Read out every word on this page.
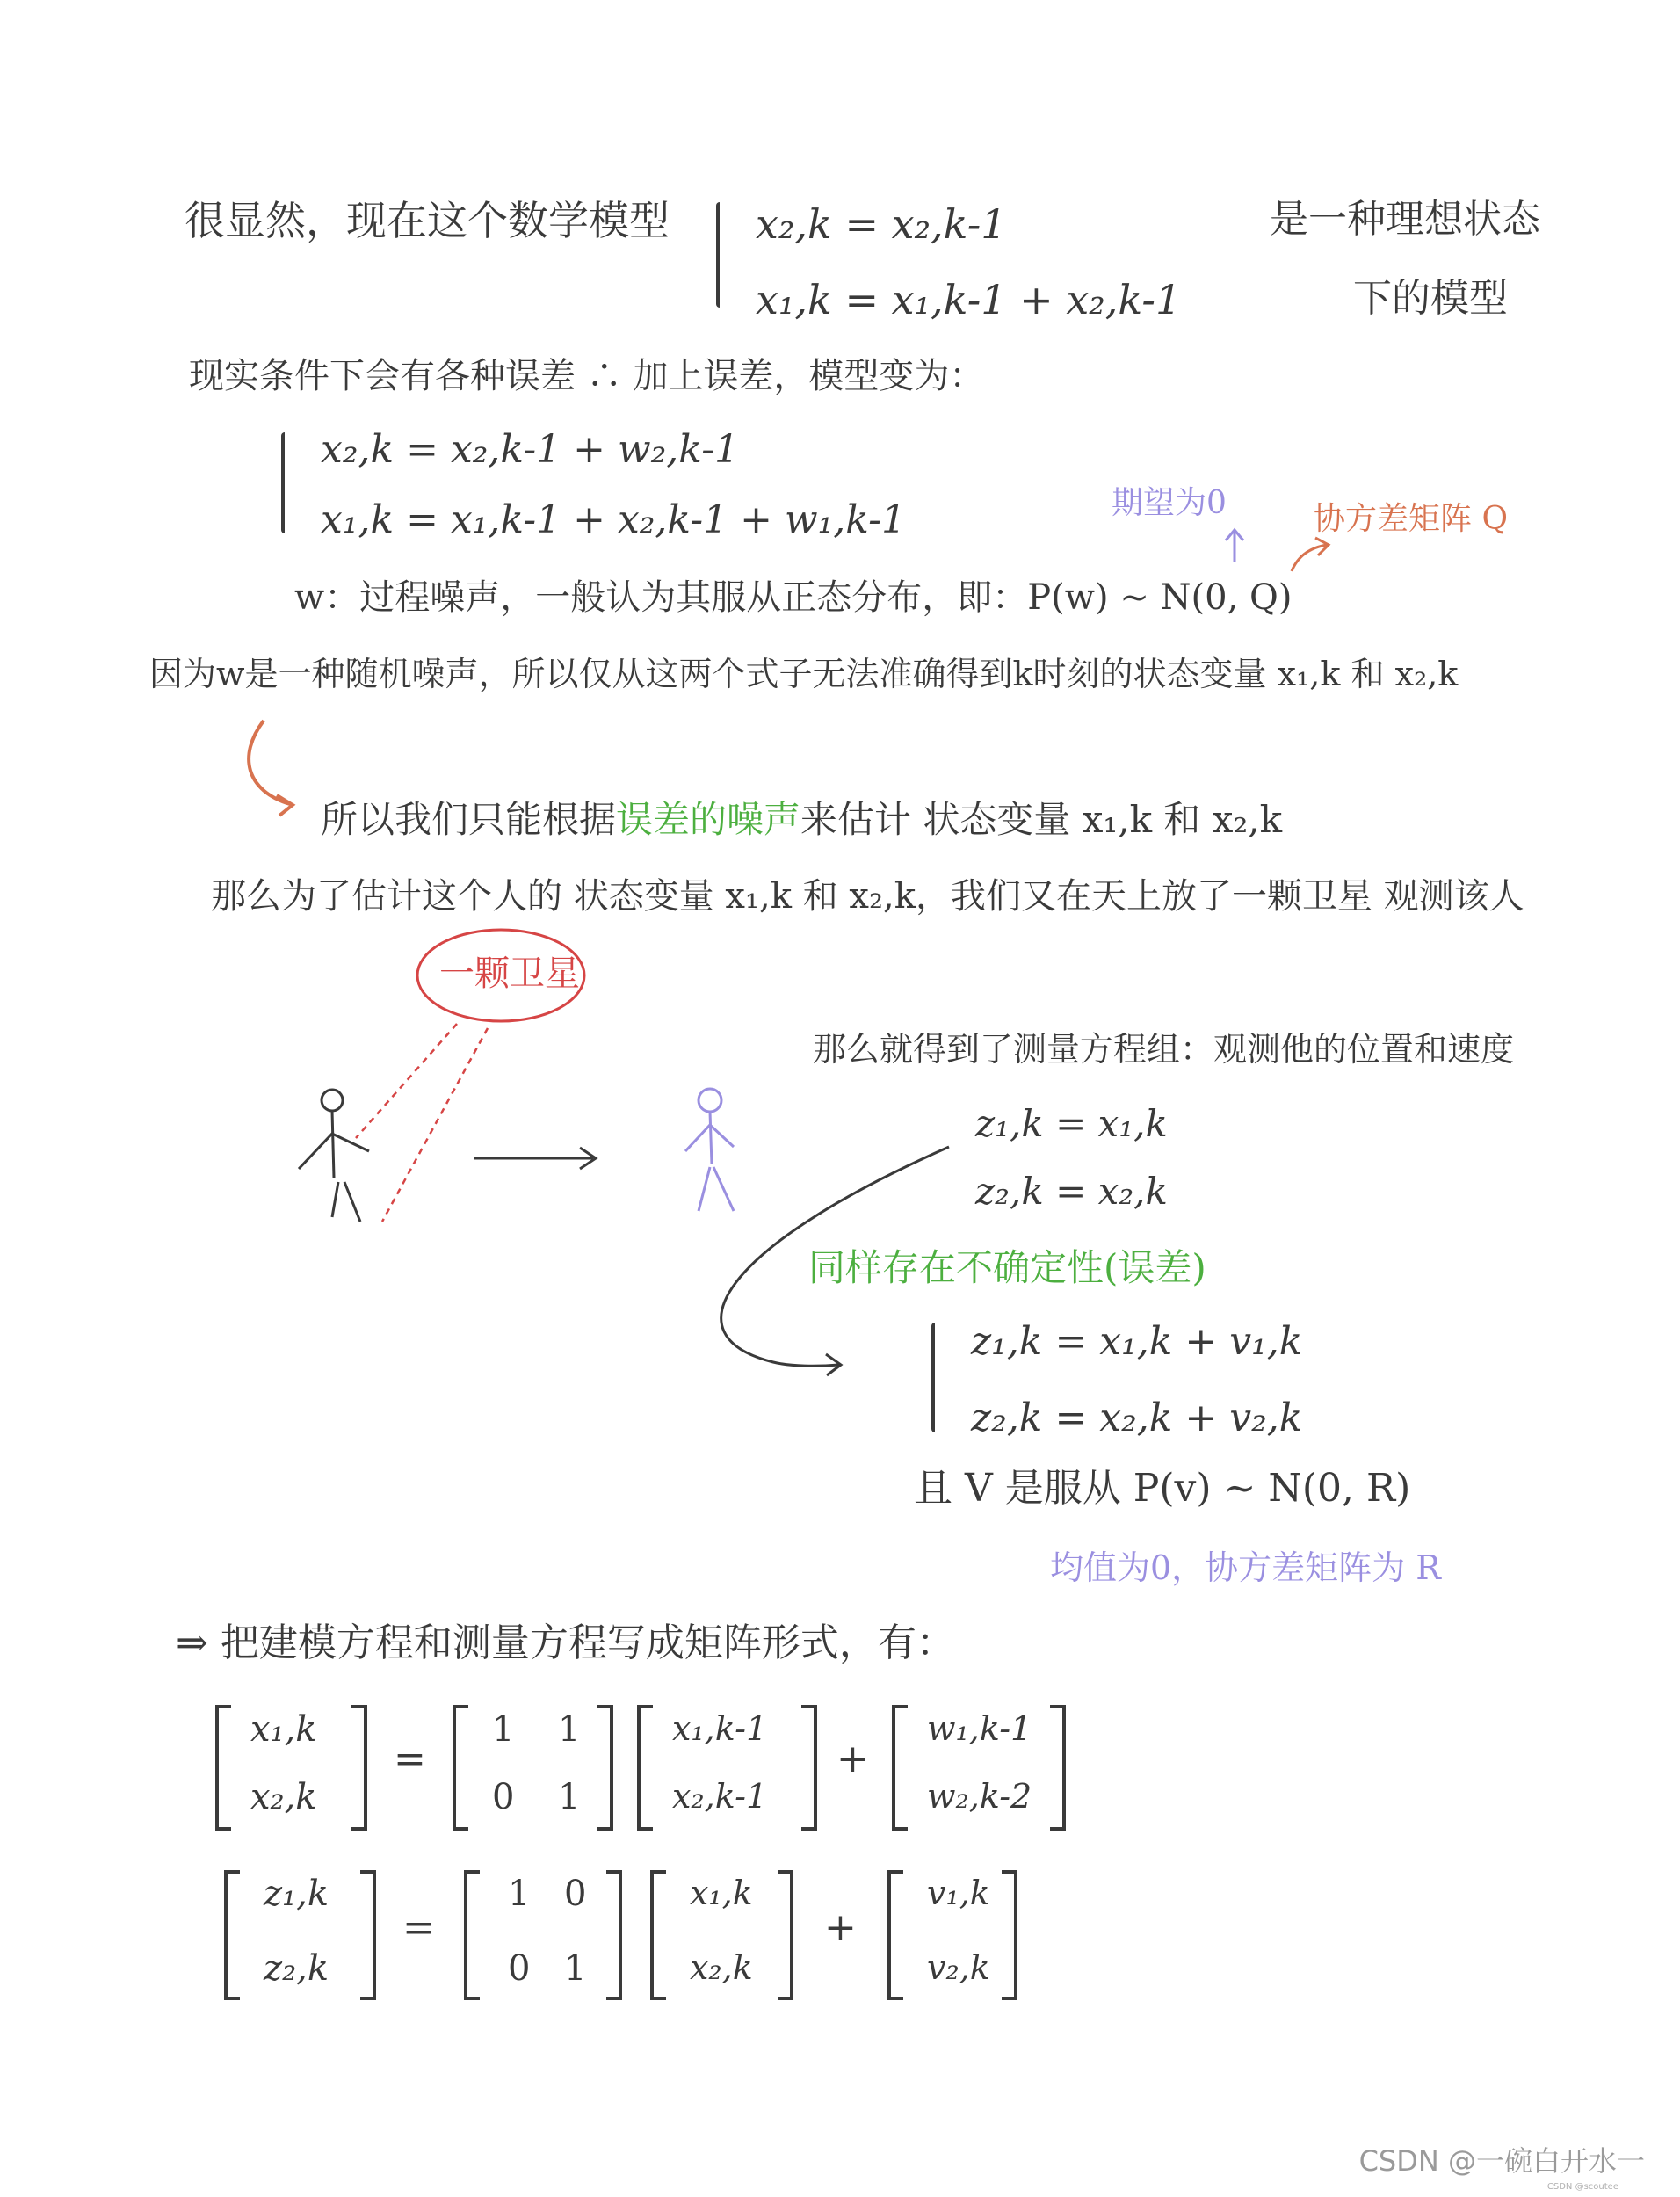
很显然，现在这个数学模型 x₂,k = x₂,k-1
x₁,k = x₁,k-1 + x₂,k-1
是一种理想状态
下的模型
现实条件下会有各种误差 ∴ 加上误差，模型变为：
x₂,k = x₂,k-1 + w₂,k-1
x₁,k = x₁,k-1 + x₂,k-1 + w₁,k-1	期望为0	协方差矩阵 Q
w：过程噪声，一般认为其服从正态分布，即：P(w) ~ N(0, Q)
因为w是一种随机噪声，所以仅从这两个式子无法准确得到k时刻的状态变量 x₁,k 和 x₂,k
所以我们只能根据误差的噪声来估计 状态变量 x₁,k 和 x₂,k
那么为了估计这个人的 状态变量 x₁,k 和 x₂,k，我们又在天上放了一颗卫星 观测该人
一颗卫星
那么就得到了测量方程组：观测他的位置和速度
z₁,k = x₁,k
z₂,k = x₂,k
同样存在不确定性(误差)
z₁,k = x₁,k + v₁,k
z₂,k = x₂,k + v₂,k
且 V 是服从 P(v) ~ N(0, R)
均值为0，协方差矩阵为 R
⇒ 把建模方程和测量方程写成矩阵形式，有：
x₁,k
x₂,k
=
1 1
0 1
x₁,k-1
x₂,k-1
+
w₁,k-1
w₂,k-2
z₁,k
z₂,k
=
1 0
0 1
x₁,k
x₂,k
+
v₁,k
v₂,k
CSDN @一碗白开水一
CSDN @scoutee
